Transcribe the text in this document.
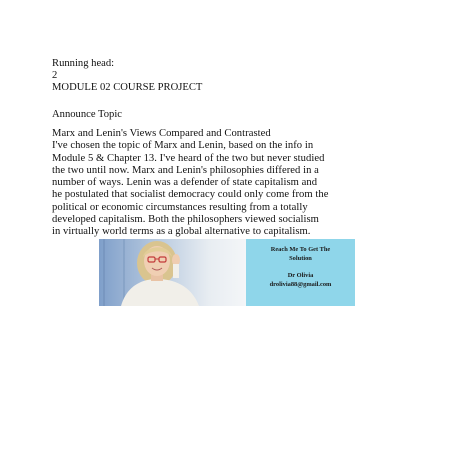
Running head:
2
MODULE 02 COURSE PROJECT
Announce Topic
Marx and Lenin's Views Compared and Contrasted
I've chosen the topic of Marx and Lenin, based on the info in
Module 5 & Chapter 13. I've heard of the two but never studied
the two until now. Marx and Lenin's philosophies differed in a
number of ways. Lenin was a defender of state capitalism and
he postulated that socialist democracy could only come from the
political or economic circumstances resulting from a totally
developed capitalism. Both the philosophers viewed socialism
in virtually world terms as a global alternative to capitalism.
Reach Me To Get The
Solution
Dr Olivia
drolivia88@gmail.com
